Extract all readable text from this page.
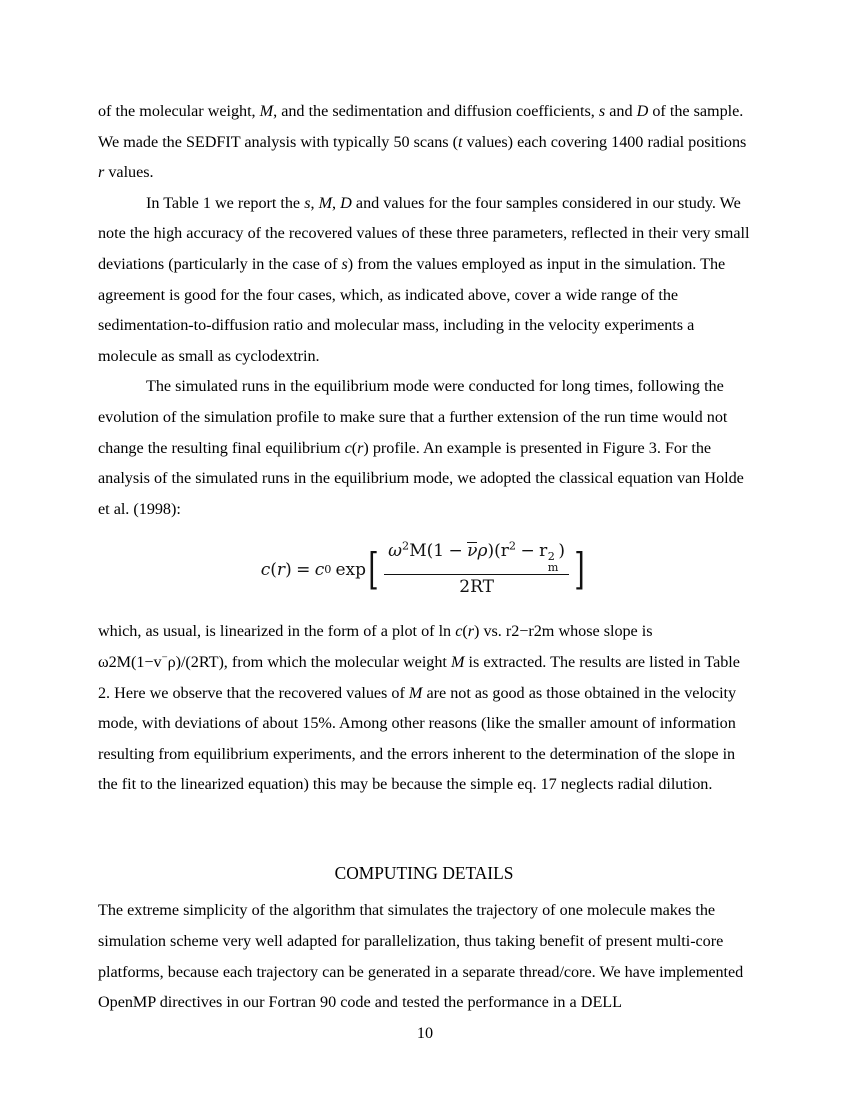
of the molecular weight, M, and the sedimentation and diffusion coefficients, s and D of the sample. We made the SEDFIT analysis with typically 50 scans (t values) each covering 1400 radial positions r values.

In Table 1 we report the s, M, D and values for the four samples considered in our study. We note the high accuracy of the recovered values of these three parameters, reflected in their very small deviations (particularly in the case of s) from the values employed as input in the simulation. The agreement is good for the four cases, which, as indicated above, cover a wide range of the sedimentation-to-diffusion ratio and molecular mass, including in the velocity experiments a molecule as small as cyclodextrin.

The simulated runs in the equilibrium mode were conducted for long times, following the evolution of the simulation profile to make sure that a further extension of the run time would not change the resulting final equilibrium c(r) profile. An example is presented in Figure 3. For the analysis of the simulated runs in the equilibrium mode, we adopted the classical equation van Holde et al. (1998):

c ( r ) = c 0 exp [ $\omega^2M(1 - \nu\rho)(r^2 - r$ 2
m
)
2RT ]

which, as usual, is linearized in the form of a plot of ln c(r) vs. r2−r2m whose slope is ω2M(1−v−ρ)/(2RT), from which the molecular weight M is extracted. The results are listed in Table 2. Here we observe that the recovered values of M are not as good as those obtained in the velocity mode, with deviations of about 15%. Among other reasons (like the smaller amount of information resulting from equilibrium experiments, and the errors inherent to the determination of the slope in the fit to the linearized equation) this may be because the simple eq. 17 neglects radial dilution.

COMPUTING DETAILS

The extreme simplicity of the algorithm that simulates the trajectory of one molecule makes the simulation scheme very well adapted for parallelization, thus taking benefit of present multi-core platforms, because each trajectory can be generated in a separate thread/core. We have implemented OpenMP directives in our Fortran 90 code and tested the performance in a DELL

10
